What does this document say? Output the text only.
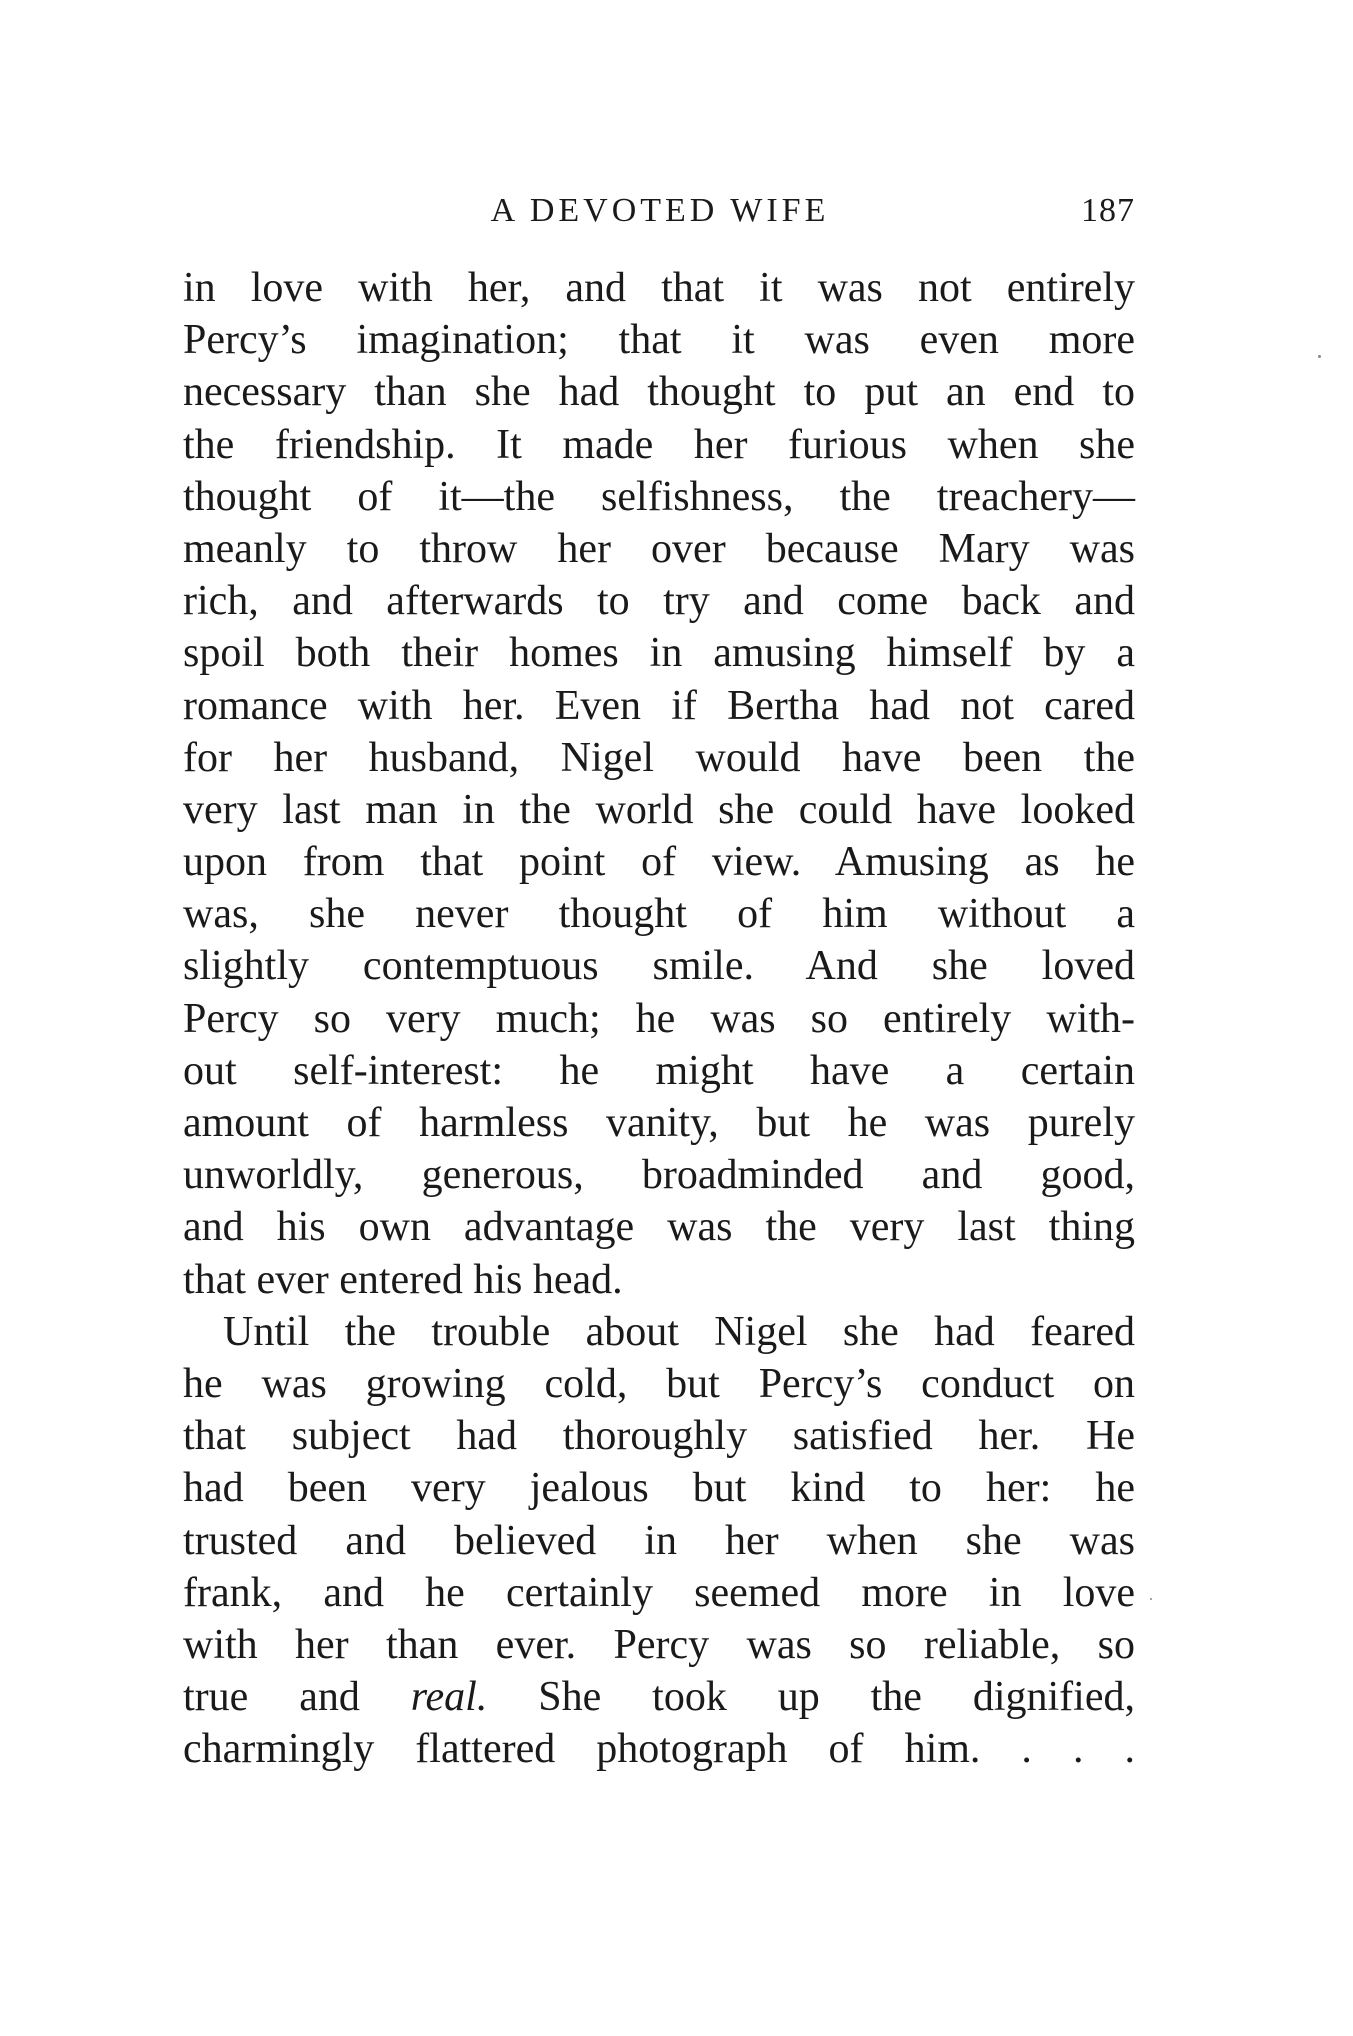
A DEVOTED WIFE	187
in love with her, and that it was not entirely
Percy’s imagination; that it was even more
necessary than she had thought to put an end to
the friendship. It made her furious when she
thought of it—the selfishness, the treachery—
meanly to throw her over because Mary was
rich, and afterwards to try and come back and
spoil both their homes in amusing himself by a
romance with her. Even if Bertha had not cared
for her husband, Nigel would have been the
very last man in the world she could have looked
upon from that point of view. Amusing as he
was, she never thought of him without a
slightly contemptuous smile. And she loved
Percy so very much; he was so entirely with-
out self-interest: he might have a certain
amount of harmless vanity, but he was purely
unworldly, generous, broadminded and good,
and his own advantage was the very last thing
that ever entered his head.
Until the trouble about Nigel she had feared
he was growing cold, but Percy’s conduct on
that subject had thoroughly satisfied her. He
had been very jealous but kind to her: he
trusted and believed in her when she was
frank, and he certainly seemed more in love
with her than ever. Percy was so reliable, so
true and real. She took up the dignified,
charmingly flattered photograph of him. . . .
